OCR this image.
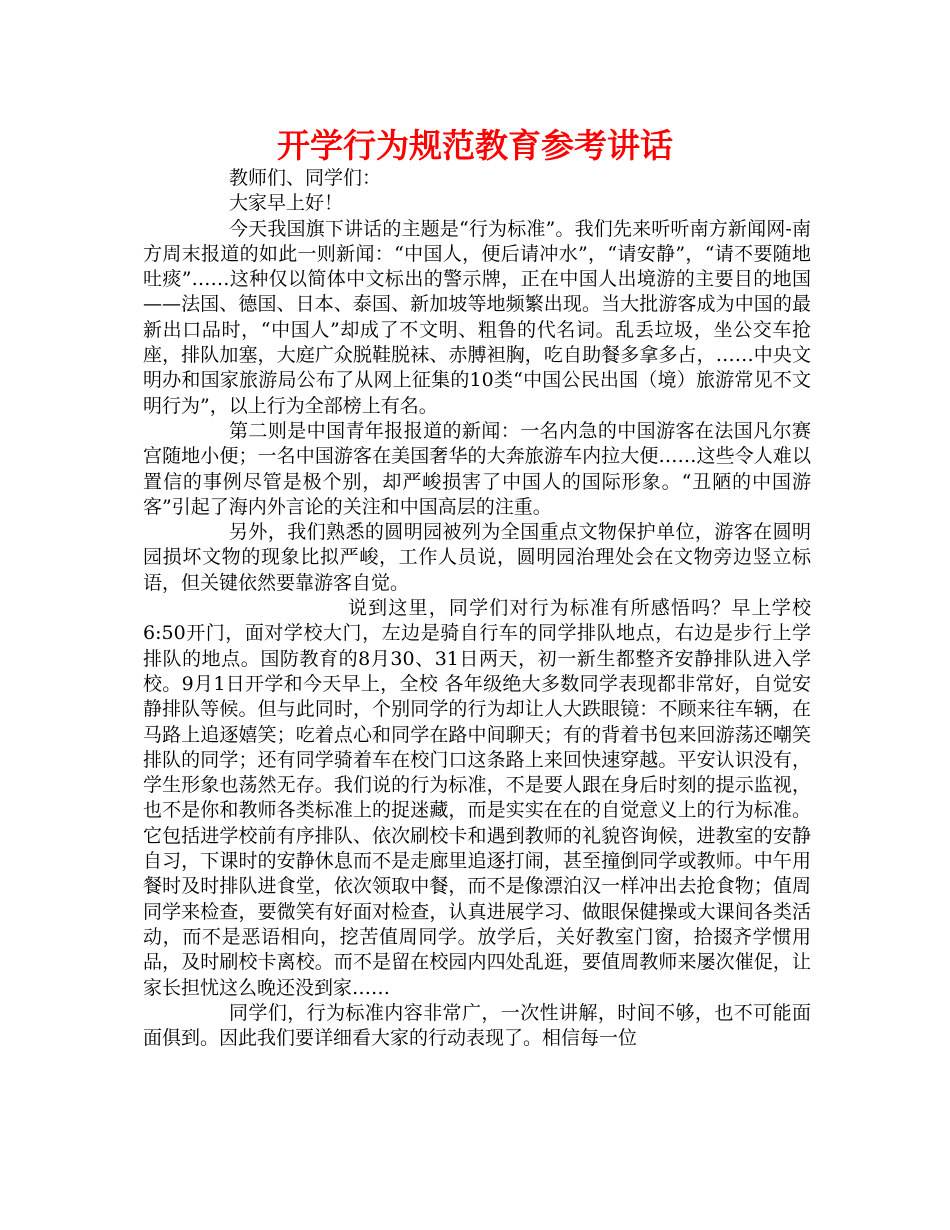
开学行为规范教育参考讲话

教师们、同学们：

大家早上好！

今天我国旗下讲话的主题是“行为标准”。我们先来听听南方新闻网-南方周末报道的如此一则新闻：“中国人，便后请冲水”，“请安静”，“请不要随地吐痰”……这种仅以简体中文标出的警示牌，正在中国人出境游的主要目的地国——法国、德国、日本、泰国、新加坡等地频繁出现。当大批游客成为中国的最新出口品时，“中国人”却成了不文明、粗鲁的代名词。乱丢垃圾，坐公交车抢座，排队加塞，大庭广众脱鞋脱袜、赤膊袒胸，吃自助餐多拿多占，……中央文明办和国家旅游局公布了从网上征集的10类“中国公民出国（境）旅游常见不文明行为”，以上行为全部榜上有名。

第二则是中国青年报报道的新闻：一名内急的中国游客在法国凡尔赛宫随地小便；一名中国游客在美国奢华的大奔旅游车内拉大便……这些令人难以置信的事例尽管是极个别，却严峻损害了中国人的国际形象。“丑陋的中国游客”引起了海内外言论的关注和中国高层的注重。

另外，我们熟悉的圆明园被列为全国重点文物保护单位，游客在圆明园损坏文物的现象比拟严峻，工作人员说，圆明园治理处会在文物旁边竖立标语，但关键依然要靠游客自觉。

说到这里，同学们对行为标准有所感悟吗？早上学校6:50开门，面对学校大门，左边是骑自行车的同学排队地点，右边是步行上学排队的地点。国防教育的8月30、31日两天，初一新生都整齐安静排队进入学校。9月1日开学和今天早上，全校 各年级绝大多数同学表现都非常好，自觉安静排队等候。但与此同时，个别同学的行为却让人大跌眼镜：不顾来往车辆，在马路上追逐嬉笑；吃着点心和同学在路中间聊天；有的背着书包来回游荡还嘲笑排队的同学；还有同学骑着车在校门口这条路上来回快速穿越。平安认识没有，学生形象也荡然无存。我们说的行为标准，不是要人跟在身后时刻的提示监视，也不是你和教师各类标准上的捉迷藏，而是实实在在的自觉意义上的行为标准。它包括进学校前有序排队、依次刷校卡和遇到教师的礼貌咨询候，进教室的安静自习，下课时的安静休息而不是走廊里追逐打闹，甚至撞倒同学或教师。中午用餐时及时排队进食堂，依次领取中餐，而不是像漂泊汉一样冲出去抢食物；值周同学来检查，要微笑有好面对检查，认真进展学习、做眼保健操或大课间各类活动，而不是恶语相向，挖苦值周同学。放学后，关好教室门窗，拾掇齐学惯用品，及时刷校卡离校。而不是留在校园内四处乱逛，要值周教师来屡次催促，让家长担忧这么晚还没到家……

同学们，行为标准内容非常广，一次性讲解，时间不够，也不可能面面俱到。因此我们要详细看大家的行动表现了。相信每一位
